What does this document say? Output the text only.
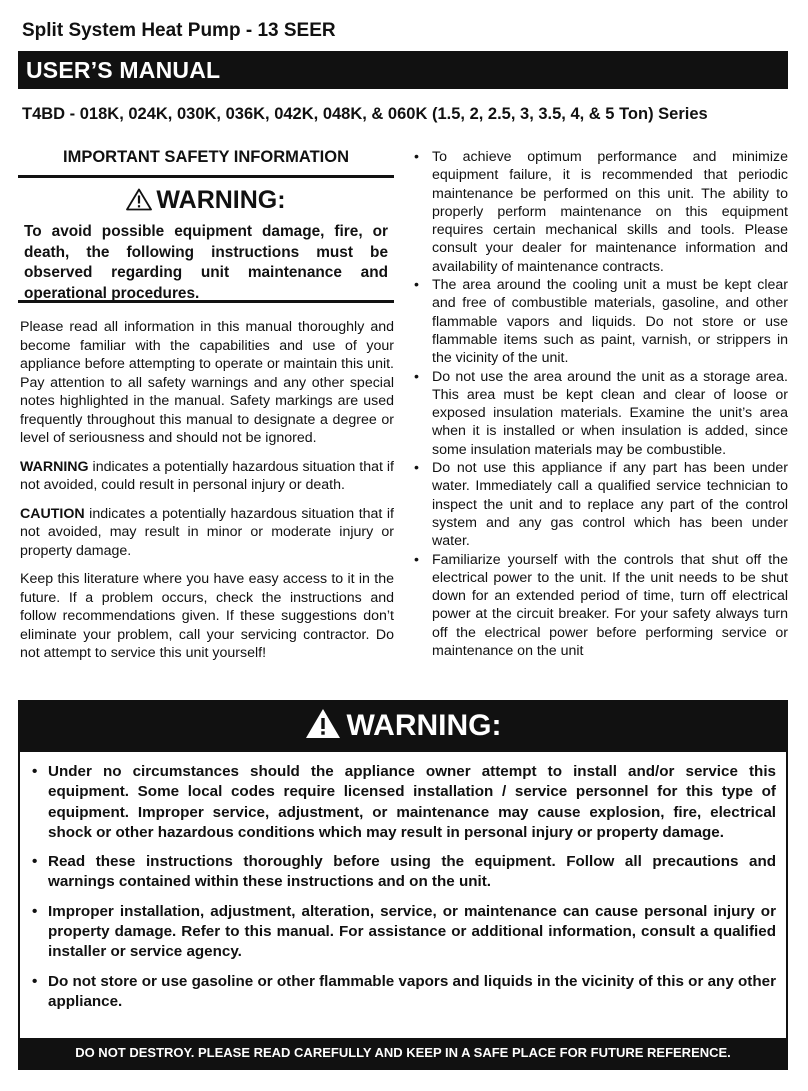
Split System Heat Pump - 13 SEER
USER’S MANUAL
T4BD - 018K, 024K, 030K, 036K, 042K, 048K, & 060K (1.5, 2, 2.5, 3, 3.5, 4, & 5 Ton) Series
IMPORTANT SAFETY INFORMATION
WARNING:
To avoid possible equipment damage, fire, or death, the following instructions must be observed regarding unit maintenance and operational procedures.

Please read all information in this manual thoroughly and become familiar with the capabilities and use of your appliance before attempting to operate or maintain this unit. Pay attention to all safety warnings and any other special notes highlighted in the manual. Safety markings are used frequently throughout this manual to designate a degree or level of seriousness and should not be ignored.

WARNING indicates a potentially hazardous situation that if not avoided, could result in personal injury or death.

CAUTION indicates a potentially hazardous situation that if not avoided, may result in minor or moderate injury or property damage.

Keep this literature where you have easy access to it in the future. If a problem occurs, check the instructions and follow recommendations given. If these suggestions don’t eliminate your problem, call your servicing contractor. Do not attempt to service this unit yourself!

• To achieve optimum performance and minimize equipment failure, it is recommended that periodic maintenance be performed on this unit. The ability to properly perform maintenance on this equipment requires certain mechanical skills and tools. Please consult your dealer for maintenance information and availability of maintenance contracts.
• The area around the cooling unit a must be kept clear and free of combustible materials, gasoline, and other flammable vapors and liquids. Do not store or use flammable items such as paint, varnish, or strippers in the vicinity of the unit.
• Do not use the area around the unit as a storage area. This area must be kept clean and clear of loose or exposed insulation materials. Examine the unit’s area when it is installed or when insulation is added, since some insulation materials may be combustible.
• Do not use this appliance if any part has been under water. Immediately call a qualified service technician to inspect the unit and to replace any part of the control system and any gas control which has been under water.
• Familiarize yourself with the controls that shut off the electrical power to the unit. If the unit needs to be shut down for an extended period of time, turn off electrical power at the circuit breaker. For your safety always turn off the electrical power before performing service or maintenance on the unit
WARNING:
• Under no circumstances should the appliance owner attempt to install and/or service this equipment. Some local codes require licensed installation / service personnel for this type of equipment. Improper service, adjustment, or maintenance may cause explosion, fire, electrical shock or other hazardous conditions which may result in personal injury or property damage.
• Read these instructions thoroughly before using the equipment. Follow all precautions and warnings contained within these instructions and on the unit.
• Improper installation, adjustment, alteration, service, or maintenance can cause personal injury or property damage. Refer to this manual. For assistance or additional information, consult a qualified installer or service agency.
• Do not store or use gasoline or other flammable vapors and liquids in the vicinity of this or any other appliance.
DO NOT DESTROY. PLEASE READ CAREFULLY AND KEEP IN A SAFE PLACE FOR FUTURE REFERENCE.
